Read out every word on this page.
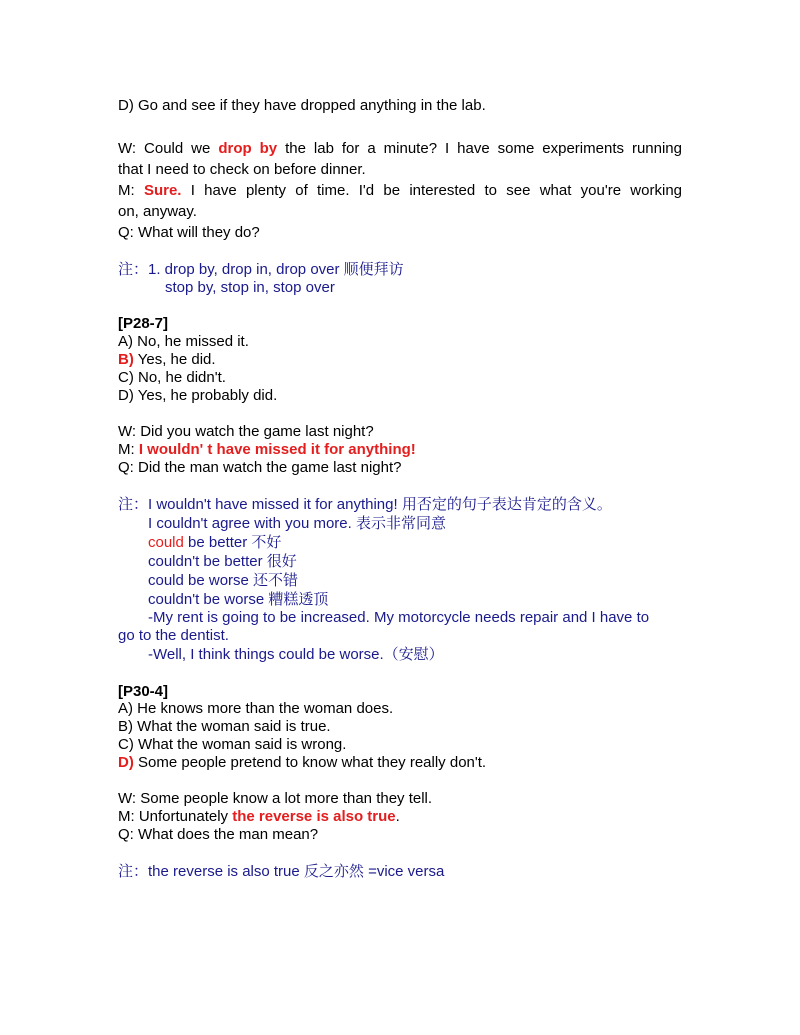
D) Go and see if they have dropped anything in the lab.
W: Could we drop by the lab for a minute? I have some experiments running
that I need to check on before dinner.
M: Sure. I have plenty of time. I'd be interested to see what you're working
on, anyway.
Q: What will they do?
注：1. drop by, drop in, drop over 顺便拜访
stop by, stop in, stop over
[P28-7]
A) No, he missed it.
B) Yes, he did.
C) No, he didn't.
D) Yes, he probably did.
W: Did you watch the game last night?
M: I wouldn' t have missed it for anything!
Q: Did the man watch the game last night?
注：I wouldn't have missed it for anything! 用否定的句子表达肯定的含义。
I couldn't agree with you more. 表示非常同意
could be better 不好
couldn't be better 很好
could be worse 还不错
couldn't be worse 糟糕透顶
-My rent is going to be increased. My motorcycle needs repair and I have to
go to the dentist.
-Well, I think things could be worse.（安慰）
[P30-4]
A) He knows more than the woman does.
B) What the woman said is true.
C) What the woman said is wrong.
D) Some people pretend to know what they really don't.
W: Some people know a lot more than they tell.
M: Unfortunately the reverse is also true.
Q: What does the man mean?
注：the reverse is also true 反之亦然 =vice versa
